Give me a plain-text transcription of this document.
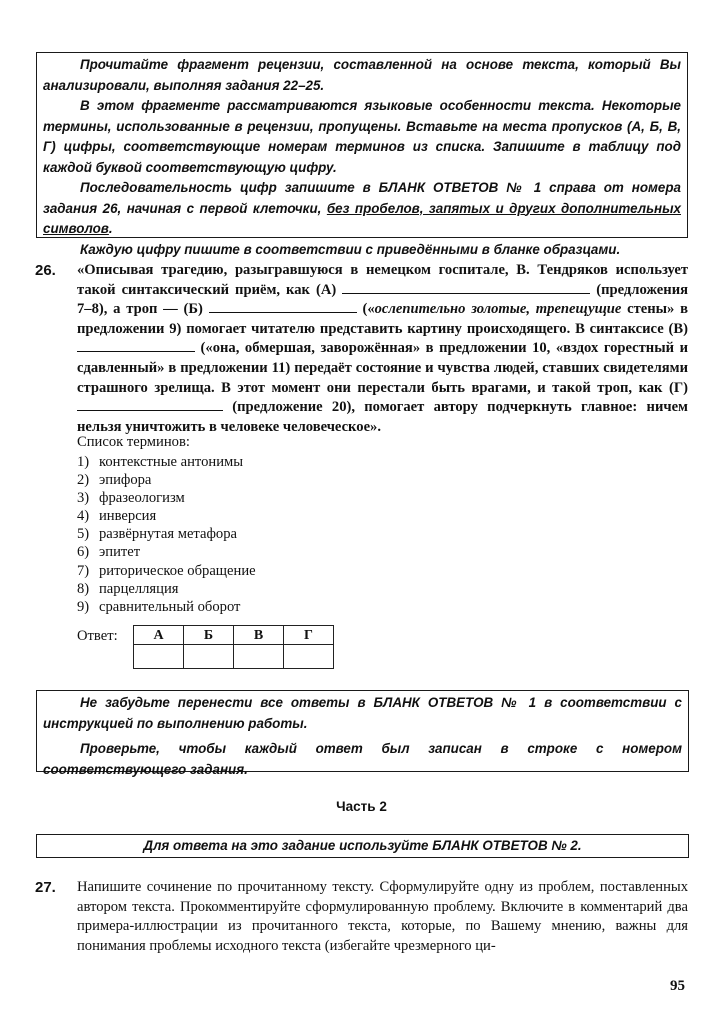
Прочитайте фрагмент рецензии, составленной на основе текста, который Вы анализировали, выполняя задания 22–25.

В этом фрагменте рассматриваются языковые особенности текста. Некоторые термины, использованные в рецензии, пропущены. Вставьте на места пропусков (А, Б, В, Г) цифры, соответствующие номерам терминов из списка. Запишите в таблицу под каждой буквой соответствующую цифру.

Последовательность цифр запишите в БЛАНК ОТВЕТОВ № 1 справа от номера задания 26, начиная с первой клеточки, без пробелов, запятых и других дополнительных символов.

Каждую цифру пишите в соответствии с приведёнными в бланке образцами.

26. «Описывая трагедию, разыгравшуюся в немецком госпитале, В. Тендряков использует такой синтаксический приём, как (А)	(предложения 7–8), а троп — (Б)	(«ослепительно золотые, трепещущие стены» в предложении 9) помогает читателю представить картину происходящего. В синтаксисе (В)  («она, обмершая, заворожённая» в предложении 10, «вздох горестный и сдавленный» в предложении 11) передаёт состояние и чувства людей, ставших свидетелями страшного зрелища. В этот момент они перестали быть врагами, и такой троп, как (Г)  (предложение 20), помогает автору подчеркнуть главное: ничем нельзя уничтожить в человеке человеческое».
Список терминов:
1) контекстные антонимы
2) эпифора
3) фразеологизм
4) инверсия
5) развёрнутая метафора
6) эпитет
7) риторическое обращение
8) парцелляция
9) сравнительный оборот
Ответ:	А	Б	В	Г

Не забудьте перенести все ответы в БЛАНК ОТВЕТОВ № 1 в соответствии с инструкцией по выполнению работы.

Проверьте, чтобы каждый ответ был записан в строке с номером соответствующего задания.

Часть 2
Для ответа на это задание используйте БЛАНК ОТВЕТОВ № 2.
27. Напишите сочинение по прочитанному тексту. Сформулируйте одну из проблем, поставленных автором текста. Прокомментируйте сформулированную проблему. Включите в комментарий два примера-иллюстрации из прочитанного текста, которые, по Вашему мнению, важны для понимания проблемы исходного текста (избегайте чрезмерного ци-
95
